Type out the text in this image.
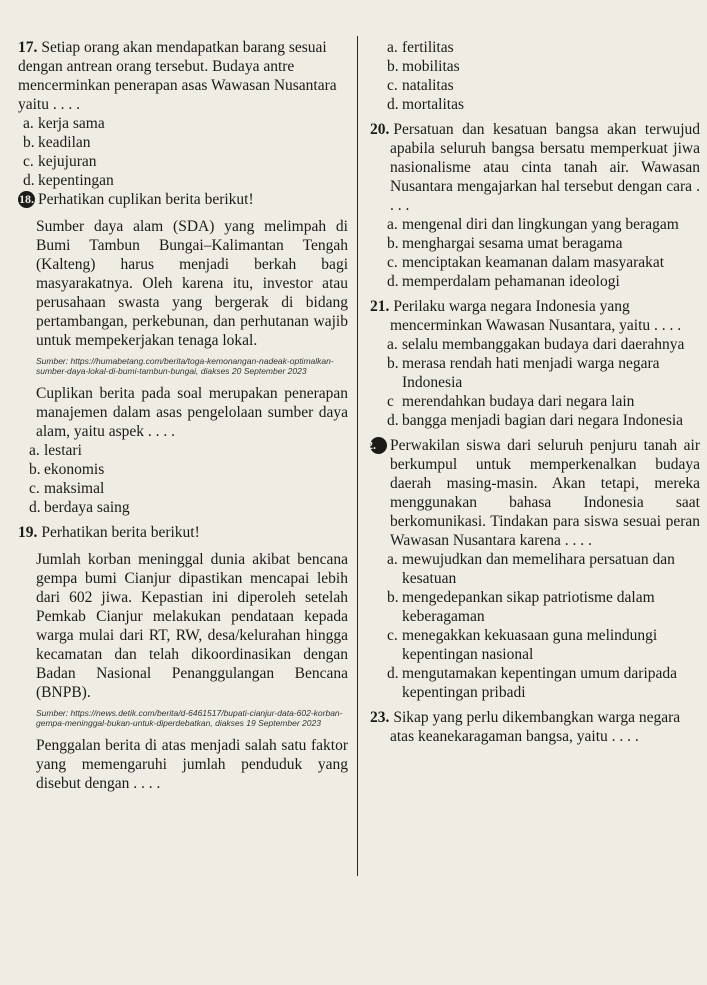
17. Setiap orang akan mendapatkan barang sesuai dengan antrean orang tersebut. Budaya antre mencerminkan penerapan asas Wawasan Nusantara yaitu . . . .
a. kerja sama
b. keadilan
c. kejujuran
d. kepentingan
18. Perhatikan cuplikan berita berikut!
Sumber daya alam (SDA) yang melimpah di Bumi Tambun Bungai–Kalimantan Tengah (Kalteng) harus menjadi berkah bagi masyarakatnya. Oleh karena itu, investor atau perusahaan swasta yang bergerak di bidang pertambangan, perkebunan, dan perhutanan wajib untuk mempekerjakan tenaga lokal.
Sumber: https://humabetang.com/berita/toga-kemonangan-nadeak-optimalkan-sumber-daya-lokal-di-bumi-tambun-bungai, diakses 20 September 2023
Cuplikan berita pada soal merupakan penerapan manajemen dalam asas pengelolaan sumber daya alam, yaitu aspek . . . .
a. lestari
b. ekonomis
c. maksimal
d. berdaya saing
19. Perhatikan berita berikut!
Jumlah korban meninggal dunia akibat bencana gempa bumi Cianjur dipastikan mencapai lebih dari 602 jiwa. Kepastian ini diperoleh setelah Pemkab Cianjur melakukan pendataan kepada warga mulai dari RT, RW, desa/kelurahan hingga kecamatan dan telah dikoordinasikan dengan Badan Nasional Penanggulangan Bencana (BNPB).
Sumber: https://news.detik.com/berita/d-6461517/bupati-cianjur-data-602-korban-gempa-meninggal-bukan-untuk-diperdebatkan, diakses 19 September 2023
Penggalan berita di atas menjadi salah satu faktor yang memengaruhi jumlah penduduk yang disebut dengan . . . .
a. fertilitas
b. mobilitas
c. natalitas
d. mortalitas
20. Persatuan dan kesatuan bangsa akan terwujud apabila seluruh bangsa bersatu memperkuat jiwa nasionalisme atau cinta tanah air. Wawasan Nusantara mengajarkan hal tersebut dengan cara . . . .
a. mengenal diri dan lingkungan yang beragam
b. menghargai sesama umat beragama
c. menciptakan keamanan dalam masyarakat
d. memperdalam pehamanan ideologi
21. Perilaku warga negara Indonesia yang mencerminkan Wawasan Nusantara, yaitu . . . .
a. selalu membanggakan budaya dari daerahnya
b. merasa rendah hati menjadi warga negara Indonesia
c merendahkan budaya dari negara lain
d. bangga menjadi bagian dari negara Indonesia
22. Perwakilan siswa dari seluruh penjuru tanah air berkumpul untuk memperkenalkan budaya daerah masing-masin. Akan tetapi, mereka menggunakan bahasa Indonesia saat berkomunikasi. Tindakan para siswa sesuai peran Wawasan Nusantara karena . . . .
a. mewujudkan dan memelihara persatuan dan kesatuan
b. mengedepankan sikap patriotisme dalam keberagaman
c. menegakkan kekuasaan guna melindungi kepentingan nasional
d. mengutamakan kepentingan umum daripada kepentingan pribadi
23. Sikap yang perlu dikembangkan warga negara atas keanekaragaman bangsa, yaitu . . . .
